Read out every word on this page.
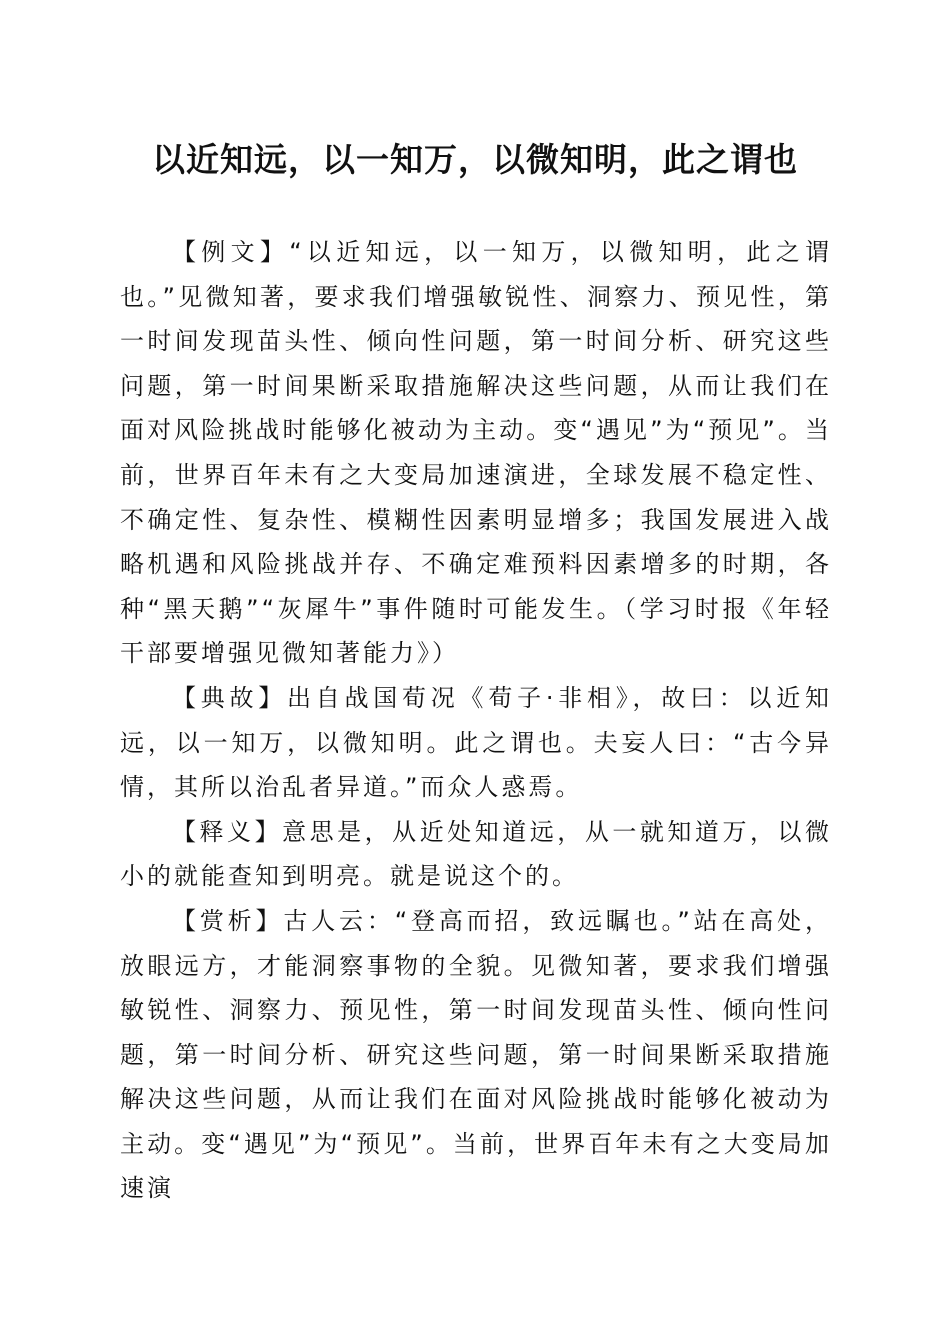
以近知远，以一知万，以微知明，此之谓也

【例文】“以近知远，以一知万，以微知明，此之谓也。”见微知著，要求我们增强敏锐性、洞察力、预见性，第一时间发现苗头性、倾向性问题，第一时间分析、研究这些问题，第一时间果断采取措施解决这些问题，从而让我们在面对风险挑战时能够化被动为主动。变“遇见”为“预见”。当前，世界百年未有之大变局加速演进，全球发展不稳定性、不确定性、复杂性、模糊性因素明显增多；我国发展进入战略机遇和风险挑战并存、不确定难预料因素增多的时期，各种“黑天鹅”“灰犀牛”事件随时可能发生。（学习时报《年轻干部要增强见微知著能力》）

【典故】出自战国荀况《荀子·非相》，故曰：以近知远，以一知万，以微知明。此之谓也。夫妄人曰：“古今异情，其所以治乱者异道。”而众人惑焉。

【释义】意思是，从近处知道远，从一就知道万，以微小的就能查知到明亮。就是说这个的。

【赏析】古人云：“登高而招，致远瞩也。”站在高处，放眼远方，才能洞察事物的全貌。见微知著，要求我们增强敏锐性、洞察力、预见性，第一时间发现苗头性、倾向性问题，第一时间分析、研究这些问题，第一时间果断采取措施解决这些问题，从而让我们在面对风险挑战时能够化被动为主动。变“遇见”为“预见”。当前，世界百年未有之大变局加速演
